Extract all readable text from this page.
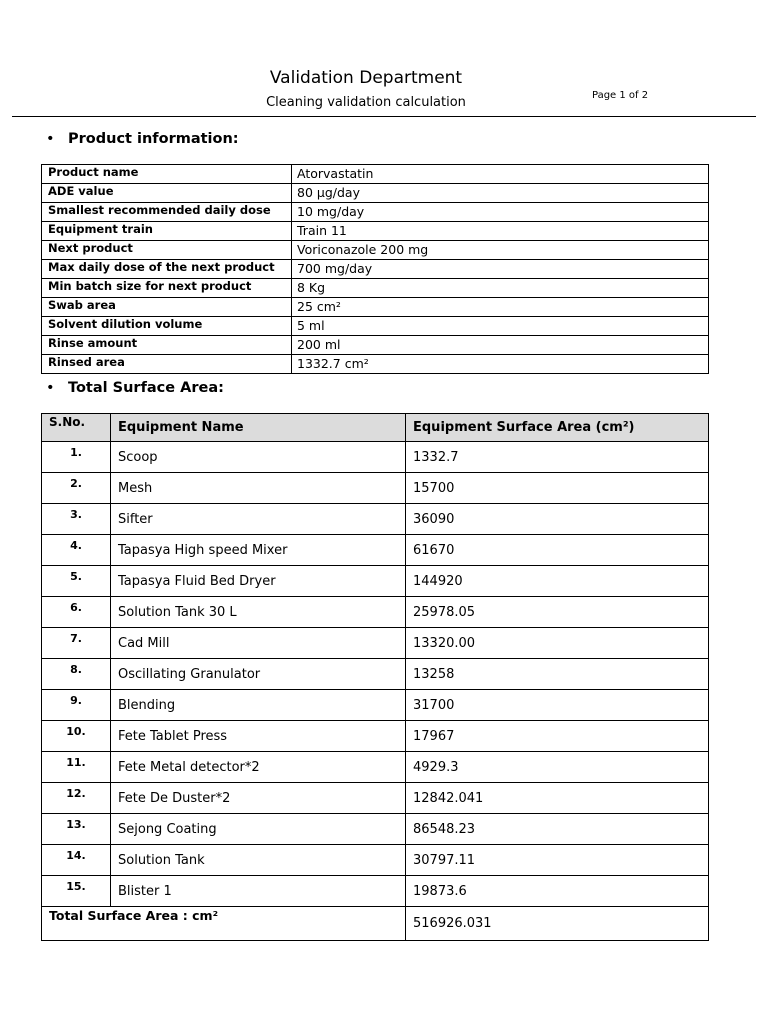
Validation Department
Cleaning validation calculation	Page 1 of 2
• Product information:
Product name	Atorvastatin
ADE value	80 µg/day
Smallest recommended daily dose	10 mg/day
Equipment train	Train 11
Next product	Voriconazole 200 mg
Max daily dose of the next product	700 mg/day
Min batch size for next product	8 Kg
Swab area	25 cm²
Solvent dilution volume	5 ml
Rinse amount	200 ml
Rinsed area	1332.7 cm²
• Total Surface Area:
S.No.	Equipment Name	Equipment Surface Area (cm²)
1.	Scoop	1332.7
2.	Mesh	15700
3.	Sifter	36090
4.	Tapasya High speed Mixer	61670
5.	Tapasya Fluid Bed Dryer	144920
6.	Solution Tank 30 L	25978.05
7.	Cad Mill	13320.00
8.	Oscillating Granulator	13258
9.	Blending	31700
10.	Fete Tablet Press	17967
11.	Fete Metal detector*2	4929.3
12.	Fete De Duster*2	12842.041
13.	Sejong Coating	86548.23
14.	Solution Tank	30797.11
15.	Blister 1	19873.6
Total Surface Area : cm²		516926.031
